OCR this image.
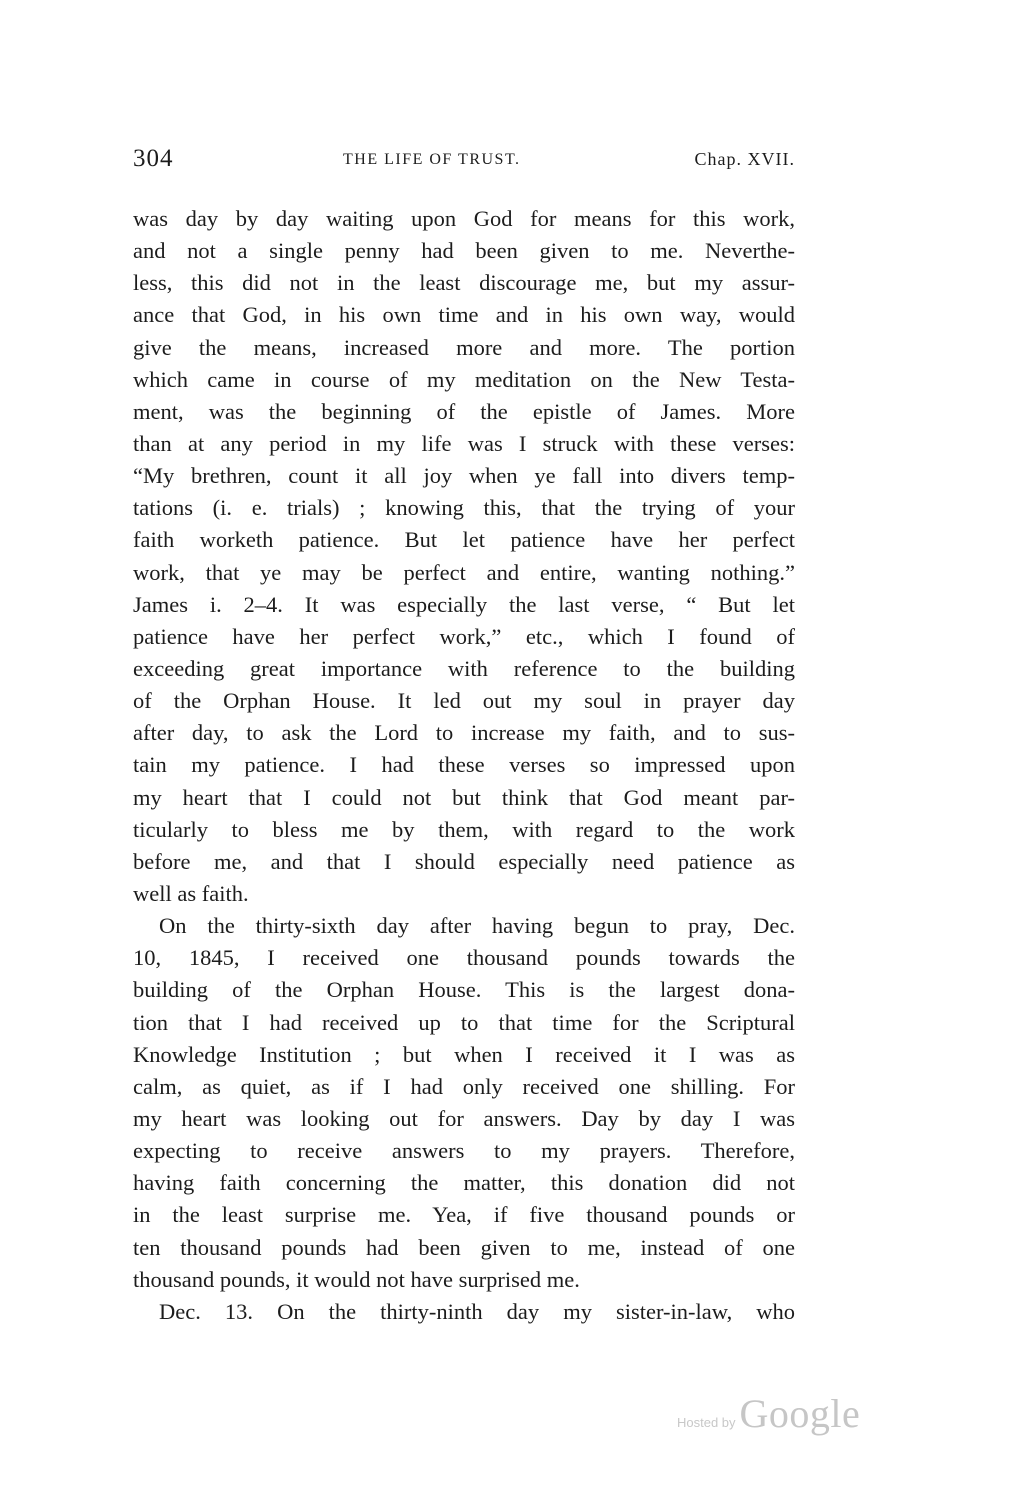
304	THE LIFE OF TRUST.	Chap. XVII.
was day by day waiting upon God for means for this work,
and not a single penny had been given to me. Neverthe-
less, this did not in the least discourage me, but my assur-
ance that God, in his own time and in his own way, would
give the means, increased more and more. The portion
which came in course of my meditation on the New Testa-
ment, was the beginning of the epistle of James. More
than at any period in my life was I struck with these verses:
“My brethren, count it all joy when ye fall into divers temp-
tations (i. e. trials) ; knowing this, that the trying of your
faith worketh patience. But let patience have her perfect
work, that ye may be perfect and entire, wanting nothing.”
James i. 2–4. It was especially the last verse, “ But let
patience have her perfect work,” etc., which I found of
exceeding great importance with reference to the building
of the Orphan House. It led out my soul in prayer day
after day, to ask the Lord to increase my faith, and to sus-
tain my patience. I had these verses so impressed upon
my heart that I could not but think that God meant par-
ticularly to bless me by them, with regard to the work
before me, and that I should especially need patience as
well as faith.
On the thirty-sixth day after having begun to pray, Dec.
10, 1845, I received one thousand pounds towards the
building of the Orphan House. This is the largest dona-
tion that I had received up to that time for the Scriptural
Knowledge Institution ; but when I received it I was as
calm, as quiet, as if I had only received one shilling. For
my heart was looking out for answers. Day by day I was
expecting to receive answers to my prayers. Therefore,
having faith concerning the matter, this donation did not
in the least surprise me. Yea, if five thousand pounds or
ten thousand pounds had been given to me, instead of one
thousand pounds, it would not have surprised me.
Dec. 13. On the thirty-ninth day my sister-in-law, who
Hosted by Google
